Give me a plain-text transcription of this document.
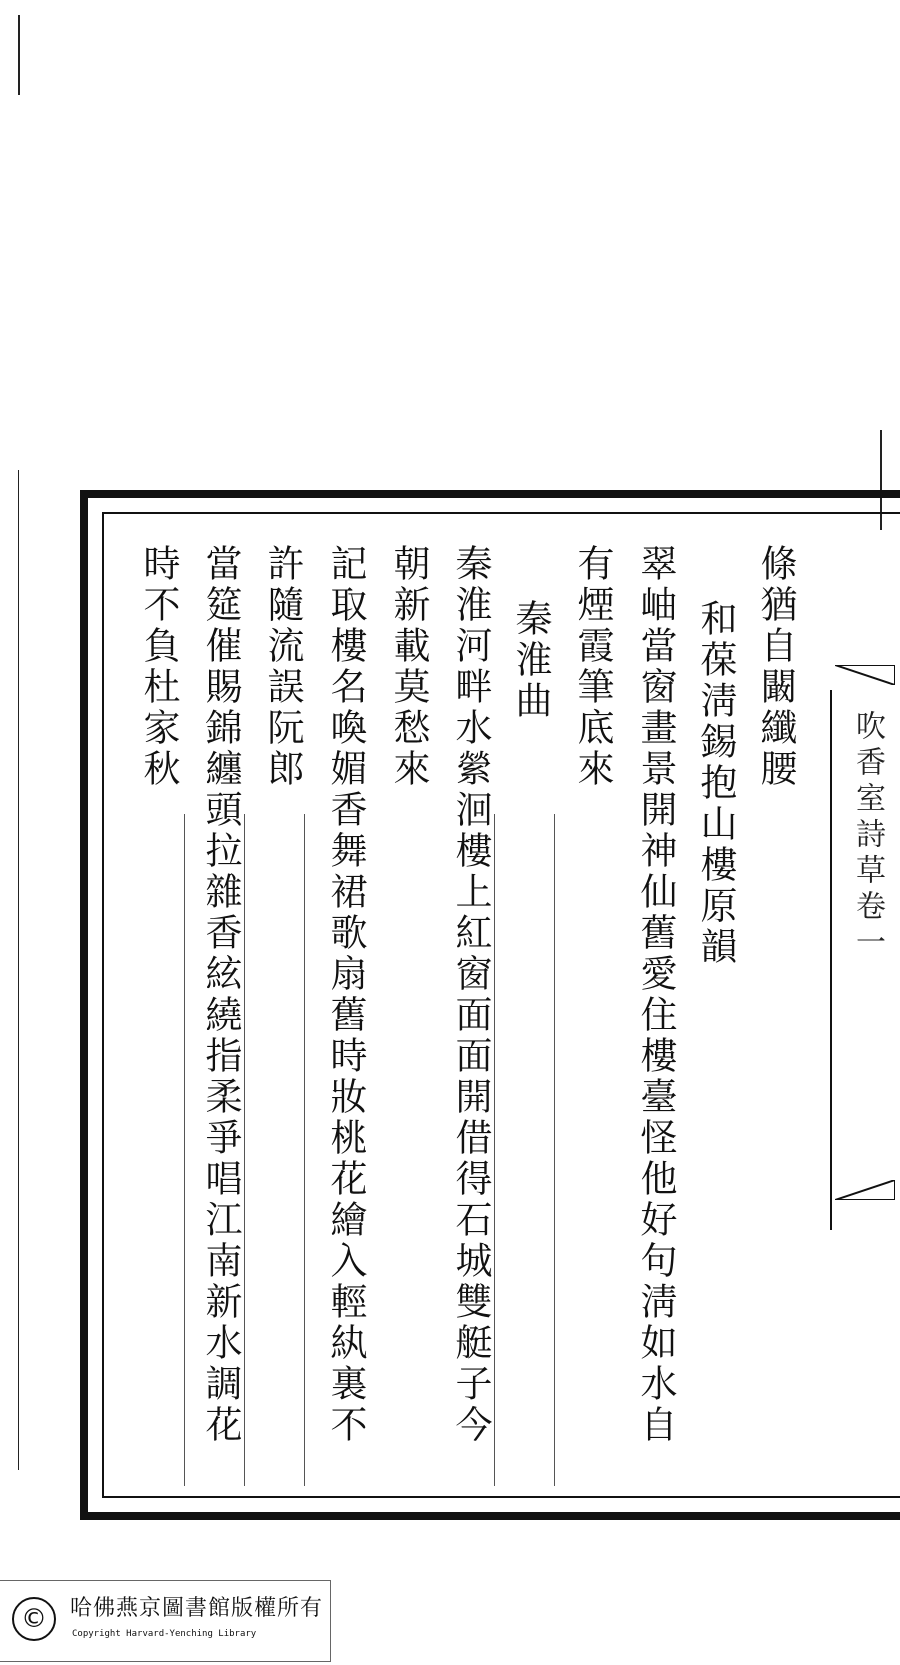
條猶自闞纖腰
和葆淸錫抱山樓原韻
翠岫當窗畫景開神仙舊愛住樓臺怪他好句淸如水自
有煙霞筆底來
秦淮曲
秦淮河畔水縈洄樓上紅窗面面開借得石城雙艇子今
朝新載莫愁來
記取樓名喚媚香舞裙歌扇舊時妝桃花繪入輕紈裏不
許隨流誤阮郎
當筵催賜錦纏頭拉雜香絃繞指柔爭唱江南新水調花
時不負杜家秋
吹香室詩草卷一
©	哈佛燕京圖書館版權所有
Copyright Harvard-Yenching Library
